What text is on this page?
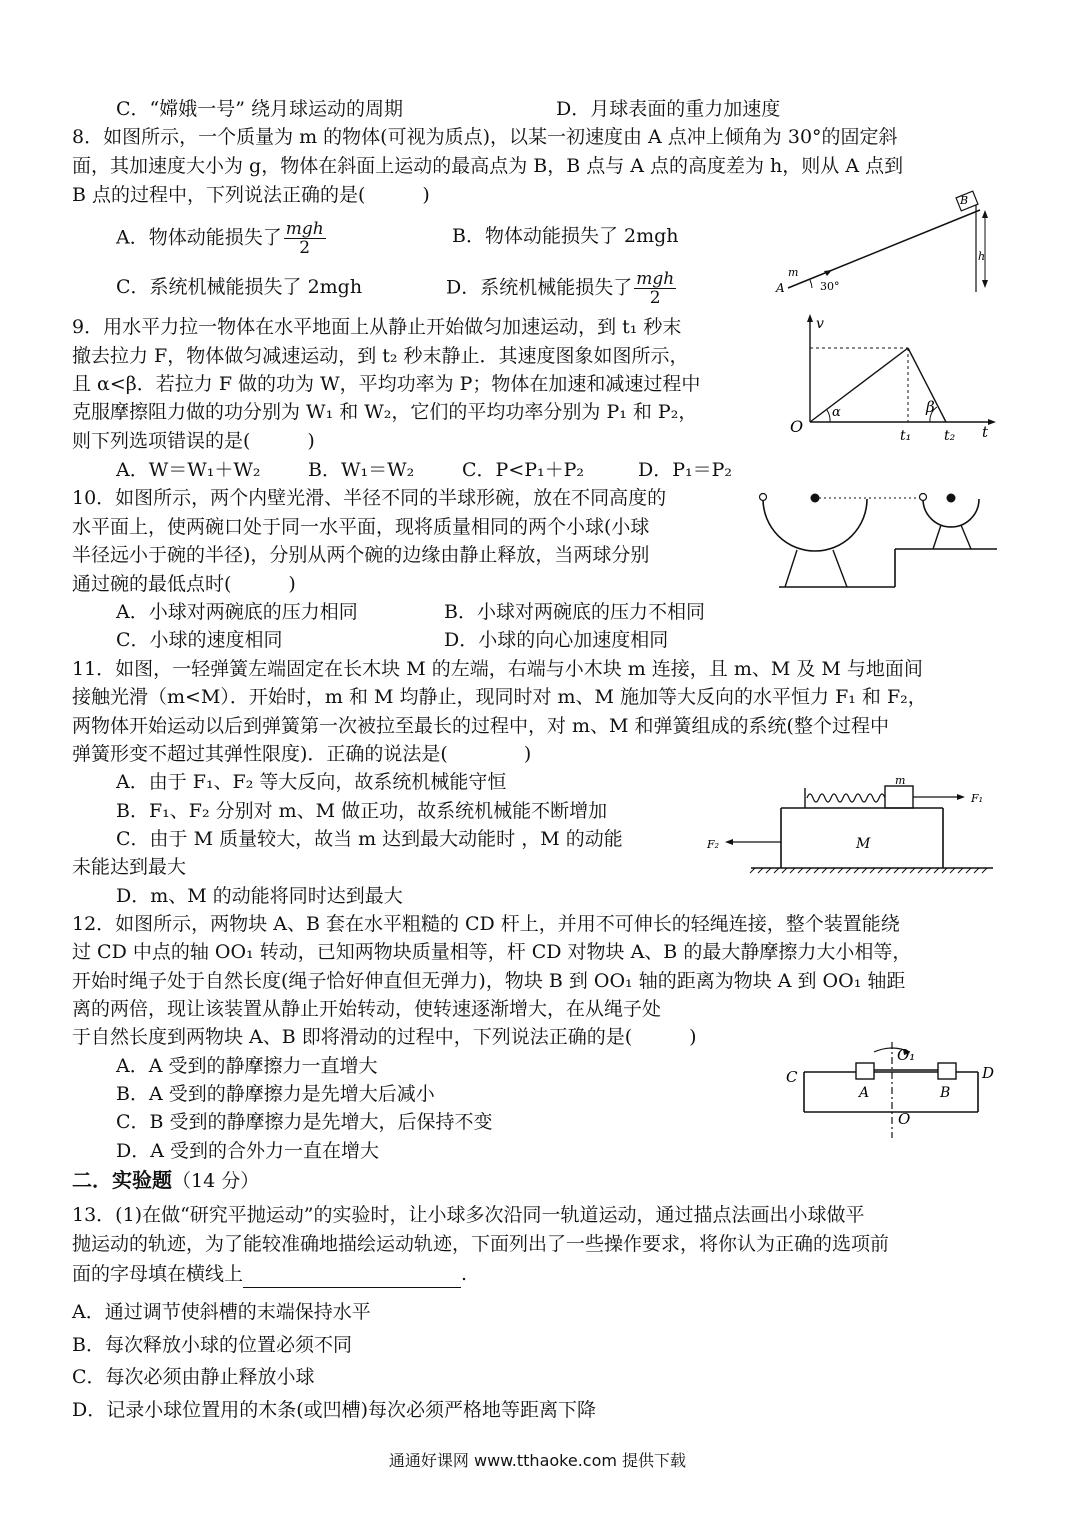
C．“嫦娥一号” 绕月球运动的周期	D．月球表面的重力加速度
8．如图所示，一个质量为 m 的物体(可视为质点)，以某一初速度由 A 点冲上倾角为 30°的固定斜
面，其加速度大小为 g，物体在斜面上运动的最高点为 B，B 点与 A 点的高度差为 h，则从 A 点到
B 点的过程中，下列说法正确的是(　　　)
A．物体动能损失了 $\frac{\text{mgh}}{2}$	B．物体动能损失了 2mgh
C．系统机械能损失了 2mgh	D．系统机械能损失了 $\frac{\text{mgh}}{2}$
9．用水平力拉一物体在水平地面上从静止开始做匀加速运动，到 t₁ 秒末
撤去拉力 F，物体做匀减速运动，到 t₂ 秒末静止．其速度图象如图所示，
且 α<β．若拉力 F 做的功为 W，平均功率为 P；物体在加速和减速过程中
克服摩擦阻力做的功分别为 W₁ 和 W₂，它们的平均功率分别为 P₁ 和 P₂，
则下列选项错误的是(　　　)
A．W＝W₁＋W₂ B．W₁＝W₂	C．P<P₁＋P₂	D．P₁＝P₂
10．如图所示，两个内壁光滑、半径不同的半球形碗，放在不同高度的
水平面上，使两碗口处于同一水平面，现将质量相同的两个小球(小球
半径远小于碗的半径)，分别从两个碗的边缘由静止释放，当两球分别
通过碗的最低点时(　　　)
A．小球对两碗底的压力相同	B．小球对两碗底的压力不相同
C．小球的速度相同	D．小球的向心加速度相同
11．如图，一轻弹簧左端固定在长木块 M 的左端，右端与小木块 m 连接，且 m、M 及 M 与地面间
接触光滑（m<M）．开始时，m 和 M 均静止，现同时对 m、M 施加等大反向的水平恒力 F₁ 和 F₂，
两物体开始运动以后到弹簧第一次被拉至最长的过程中，对 m、M 和弹簧组成的系统(整个过程中
弹簧形变不超过其弹性限度)．正确的说法是(　　　　)
A．由于 F₁、F₂ 等大反向，故系统机械能守恒
B．F₁、F₂ 分别对 m、M 做正功，故系统机械能不断增加
C．由于 M 质量较大，故当 m 达到最大动能时 ，M 的动能
未能达到最大
D．m、M 的动能将同时达到最大
12．如图所示，两物块 A、B 套在水平粗糙的 CD 杆上，并用不可伸长的轻绳连接，整个装置能绕
过 CD 中点的轴 OO₁ 转动，已知两物块质量相等，杆 CD 对物块 A、B 的最大静摩擦力大小相等，
开始时绳子处于自然长度(绳子恰好伸直但无弹力)，物块 B 到 OO₁ 轴的距离为物块 A 到 OO₁ 轴距
离的两倍，现让该装置从静止开始转动，使转速逐渐增大，在从绳子处
于自然长度到两物块 A、B 即将滑动的过程中，下列说法正确的是(　　　)
A．A 受到的静摩擦力一直增大
B．A 受到的静摩擦力是先增大后减小
C．B 受到的静摩擦力是先增大，后保持不变
D．A 受到的合外力一直在增大
二．实验题（14 分）
13．(1)在做“研究平抛运动”的实验时，让小球多次沿同一轨道运动，通过描点法画出小球做平
抛运动的轨迹，为了能较准确地描绘运动轨迹，下面列出了一些操作要求，将你认为正确的选项前
面的字母填在横线上	.
A．通过调节使斜槽的末端保持水平
B．每次释放小球的位置必须不同
C．每次必须由静止释放小球
D．记录小球位置用的木条(或凹槽)每次必须严格地等距离下降
通通好课网 www.tthaoke.com 提供下载
B
h
m
A	30°
v
O
α	β
t₁ t₂ t
m
F₁
M
F₂
O₁
C	D
A	B
O
